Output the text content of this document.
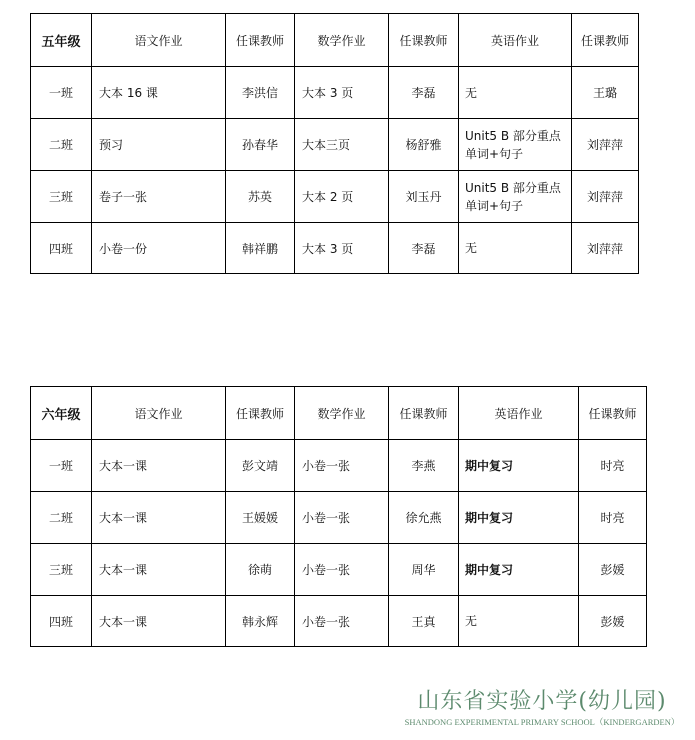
五年级	语文作业	任课教师	数学作业	任课教师	英语作业	任课教师
一班	大本 16 课	李洪信	大本 3 页	李磊	无	王璐
二班	预习	孙春华	大本三页	杨舒雅	Unit5 B 部分重点单词+句子	刘萍萍
三班	卷子一张	苏英	大本 2 页	刘玉丹	Unit5 B 部分重点单词+句子	刘萍萍
四班	小卷一份	韩祥鹏	大本 3 页	李磊	无	刘萍萍
六年级	语文作业	任课教师	数学作业	任课教师	英语作业	任课教师
一班	大本一课	彭文靖	小卷一张	李燕	期中复习	时亮
二班	大本一课	王媛媛	小卷一张	徐允燕	期中复习	时亮
三班	大本一课	徐萌	小卷一张	周华	期中复习	彭媛
四班	大本一课	韩永辉	小卷一张	王真	无	彭媛
山东省实验小学(幼儿园)
SHANDONG EXPERIMENTAL PRIMARY SCHOOL（KINDERGARDEN）
